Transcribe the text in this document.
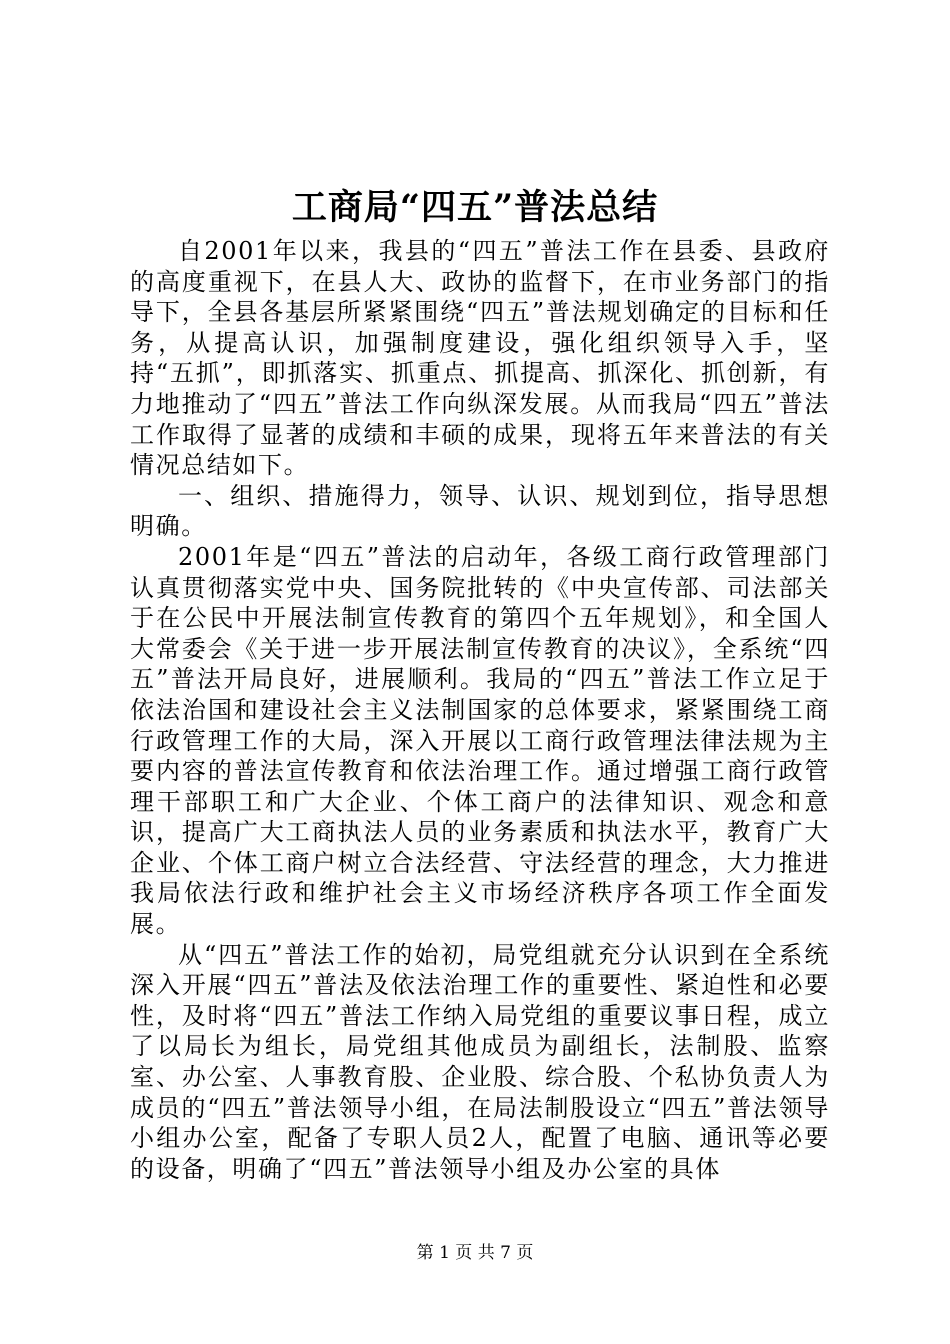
工商局“四五”普法总结

自2001年以来，我县的“四五”普法工作在县委、县政府的高度重视下，在县人大、政协的监督下，在市业务部门的指导下，全县各基层所紧紧围绕“四五”普法规划确定的目标和任务，从提高认识，加强制度建设，强化组织领导入手，坚持“五抓”，即抓落实、抓重点、抓提高、抓深化、抓创新，有力地推动了“四五”普法工作向纵深发展。从而我局“四五”普法工作取得了显著的成绩和丰硕的成果，现将五年来普法的有关情况总结如下。

一、组织、措施得力，领导、认识、规划到位，指导思想明确。

2001年是“四五”普法的启动年，各级工商行政管理部门认真贯彻落实党中央、国务院批转的《中央宣传部、司法部关于在公民中开展法制宣传教育的第四个五年规划》，和全国人大常委会《关于进一步开展法制宣传教育的决议》，全系统“四五”普法开局良好，进展顺利。我局的“四五”普法工作立足于依法治国和建设社会主义法制国家的总体要求，紧紧围绕工商行政管理工作的大局，深入开展以工商行政管理法律法规为主要内容的普法宣传教育和依法治理工作。通过增强工商行政管理干部职工和广大企业、个体工商户的法律知识、观念和意识，提高广大工商执法人员的业务素质和执法水平，教育广大企业、个体工商户树立合法经营、守法经营的理念，大力推进我局依法行政和维护社会主义市场经济秩序各项工作全面发展。

从“四五”普法工作的始初，局党组就充分认识到在全系统深入开展“四五”普法及依法治理工作的重要性、紧迫性和必要性，及时将“四五”普法工作纳入局党组的重要议事日程，成立了以局长为组长，局党组其他成员为副组长，法制股、监察室、办公室、人事教育股、企业股、综合股、个私协负责人为成员的“四五”普法领导小组，在局法制股设立“四五”普法领导小组办公室，配备了专职人员2人，配置了电脑、通讯等必要的设备，明确了“四五”普法领导小组及办公室的具体

第 1 页 共 7 页
